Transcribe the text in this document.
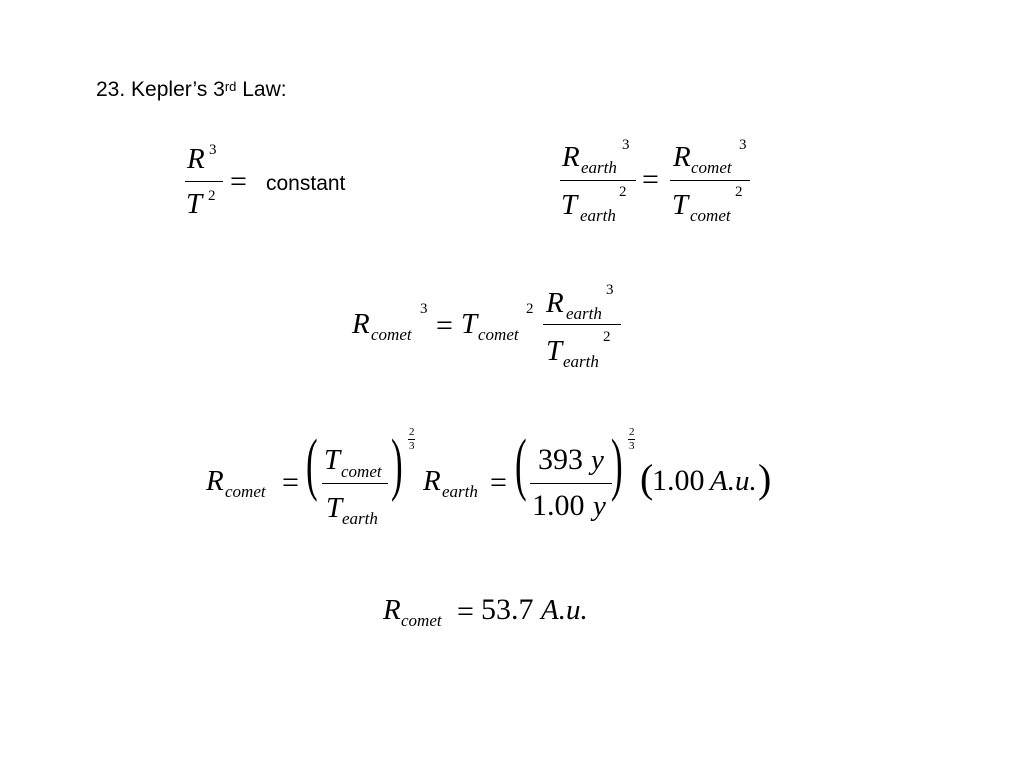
23. Kepler’s 3rd Law:
R 3
T 2 = constant
R earth
3
T earth
2 =
R comet
3
T comet
2
R comet
3 = T comet
2 R earth
3
T earth
2
R comet = ( T comet
T earth
) 2
3
R earth = ( 393 y
1.00 y
) 2
3
(
1.00 A.u. )
R comet = 53.7 A.u.
